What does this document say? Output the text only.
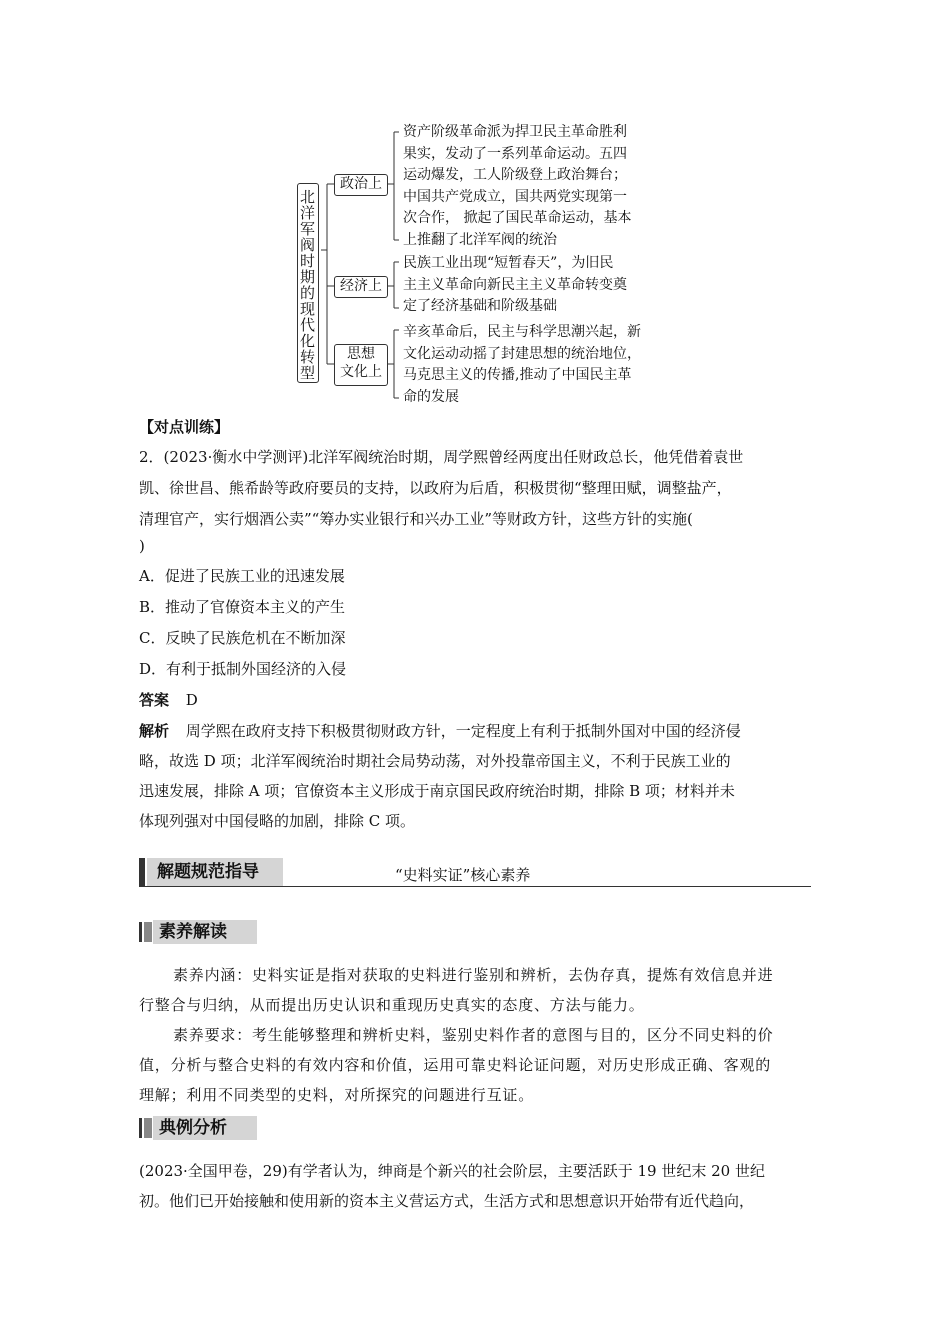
北洋军阀时期的现代化转型
政治上
经济上
思想
文化上
资产阶级革命派为捍卫民主革命胜利
果实，发动了一系列革命运动。五四
运动爆发，工人阶级登上政治舞台；
中国共产党成立，国共两党实现第一
次合作， 掀起了国民革命运动，基本
上推翻了北洋军阀的统治
民族工业出现“短暂春天”，为旧民
主主义革命向新民主主义革命转变奠
定了经济基础和阶级基础
辛亥革命后，民主与科学思潮兴起，新
文化运动动摇了封建思想的统治地位，
马克思主义的传播,推动了中国民主革
命的发展
【对点训练】
2．(2023·衡水中学测评)北洋军阀统治时期，周学熙曾经两度出任财政总长，他凭借着袁世
凯、徐世昌、熊希龄等政府要员的支持，以政府为后盾，积极贯彻“整理田赋，调整盐产，
清理官产，实行烟酒公卖”“筹办实业银行和兴办工业”等财政方针，这些方针的实施(
)
A．促进了民族工业的迅速发展
B．推动了官僚资本主义的产生
C．反映了民族危机在不断加深
D．有利于抵制外国经济的入侵
答案 D
解析 周学熙在政府支持下积极贯彻财政方针，一定程度上有利于抵制外国对中国的经济侵
略，故选 D 项；北洋军阀统治时期社会局势动荡，对外投靠帝国主义，不利于民族工业的
迅速发展，排除 A 项；官僚资本主义形成于南京国民政府统治时期，排除 B 项；材料并未
体现列强对中国侵略的加剧，排除 C 项。
解题规范指导	“史料实证”核心素养
素养解读
素养内涵：史料实证是指对获取的史料进行鉴别和辨析，去伪存真，提炼有效信息并进
行整合与归纳，从而提出历史认识和重现历史真实的态度、方法与能力。
素养要求：考生能够整理和辨析史料，鉴别史料作者的意图与目的，区分不同史料的价
值，分析与整合史料的有效内容和价值，运用可靠史料论证问题，对历史形成正确、客观的
理解；利用不同类型的史料，对所探究的问题进行互证。
典例分析
(2023·全国甲卷，29)有学者认为，绅商是个新兴的社会阶层，主要活跃于 19 世纪末 20 世纪
初。他们已开始接触和使用新的资本主义营运方式，生活方式和思想意识开始带有近代趋向，
